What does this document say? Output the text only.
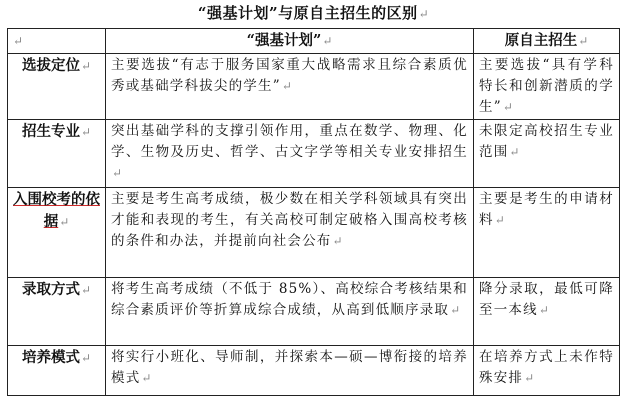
“强基计划”与原自主招生的区别↵
↵	“强基计划”↵	原自主招生↵
选拔定位↵	主要选拔“有志于服务国家重大战略需求且综合素质优秀或基础学科拔尖的学生”↵	主要选拔“具有学科特长和创新潜质的学生”↵
招生专业↵	突出基础学科的支撑引领作用，重点在数学、物理、化学、生物及历史、哲学、古文字学等相关专业安排招生↵	未限定高校招生专业范围↵
入围校考的依据↵	主要是考生高考成绩，极少数在相关学科领域具有突出才能和表现的考生，有关高校可制定破格入围高校考核的条件和办法，并提前向社会公布↵	主要是考生的申请材料↵
录取方式↵	将考生高考成绩（不低于 85%）、高校综合考核结果和综合素质评价等折算成综合成绩，从高到低顺序录取↵	降分录取，最低可降至一本线↵
培养模式↵	将实行小班化、导师制，并探索本—硕—博衔接的培养模式↵	在培养方式上未作特殊安排↵
